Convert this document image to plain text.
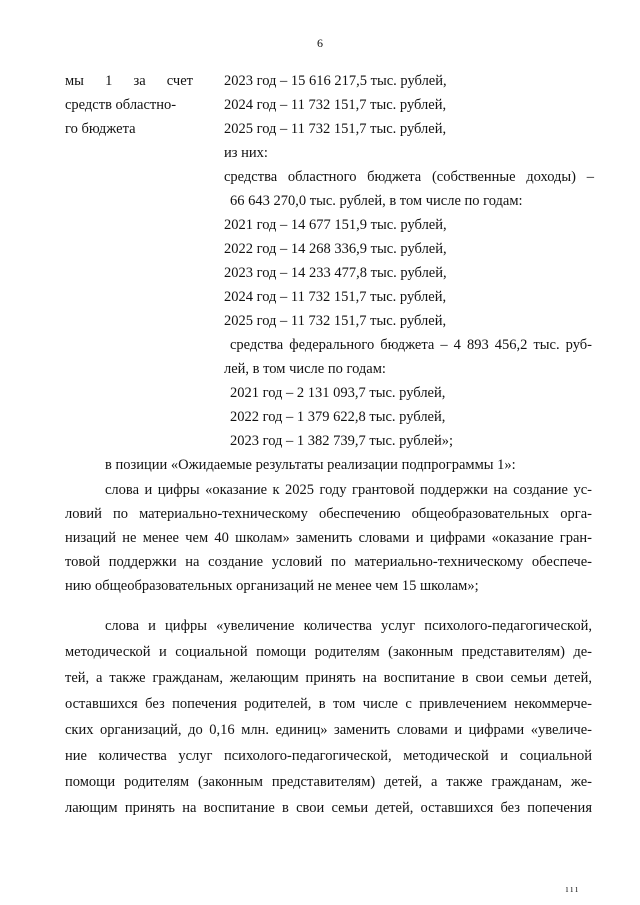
6
мы 1 за счет
средств областно-
го бюджета
2023 год – 15 616 217,5 тыс. рублей,
2024 год – 11 732 151,7 тыс. рублей,
2025 год – 11 732 151,7 тыс. рублей,
из них:
средства областного бюджета (собственные доходы) –
66 643 270,0 тыс. рублей, в том числе по годам:
2021 год – 14 677 151,9 тыс. рублей,
2022 год – 14 268 336,9 тыс. рублей,
2023 год – 14 233 477,8 тыс. рублей,
2024 год – 11 732 151,7 тыс. рублей,
2025 год – 11 732 151,7 тыс. рублей,
средства федерального бюджета – 4 893 456,2 тыс. руб-
лей, в том числе по годам:
2021 год – 2 131 093,7 тыс. рублей,
2022 год – 1 379 622,8 тыс. рублей,
2023 год – 1 382 739,7 тыс. рублей»;
в позиции «Ожидаемые результаты реализации подпрограммы 1»:
слова и цифры «оказание к 2025 году грантовой поддержки на создание ус-
ловий по материально-техническому обеспечению общеобразовательных орга-
низаций не менее чем 40 школам» заменить словами и цифрами «оказание гран-
товой поддержки на создание условий по материально-техническому обеспече-
нию общеобразовательных организаций не менее чем 15 школам»;
слова и цифры «увеличение количества услуг психолого-педагогической,
методической и социальной помощи родителям (законным представителям) де-
тей, а также гражданам, желающим принять на воспитание в свои семьи детей,
оставшихся без попечения родителей, в том числе с привлечением некоммерче-
ских организаций, до 0,16 млн. единиц» заменить словами и цифрами «увеличе-
ние количества услуг психолого-педагогической, методической и социальной
помощи родителям (законным представителям) детей, а также гражданам, же-
лающим принять на воспитание в свои семьи детей, оставшихся без попечения
ııı
